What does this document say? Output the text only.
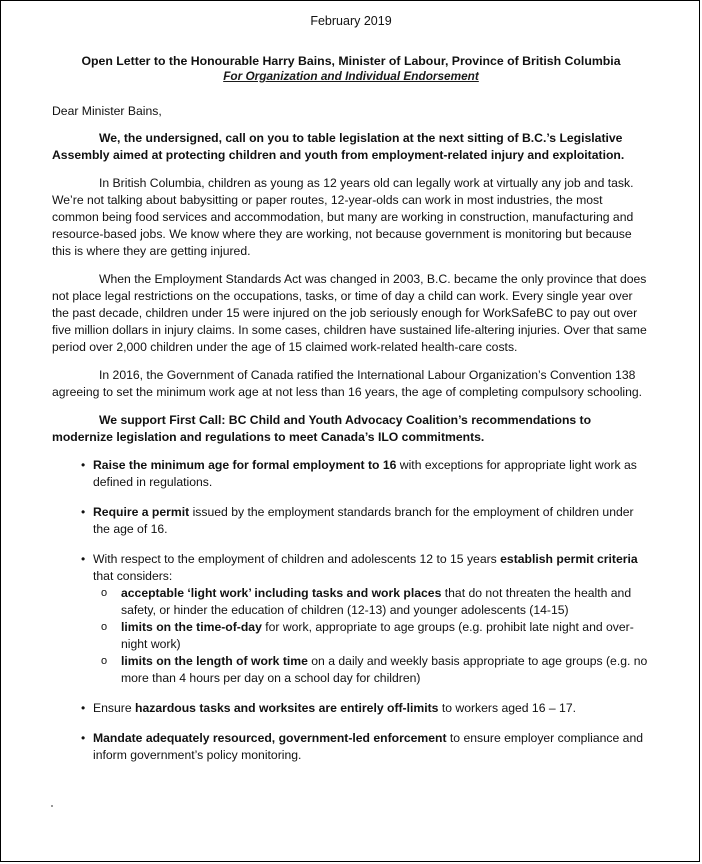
February 2019
Open Letter to the Honourable Harry Bains, Minister of Labour, Province of British Columbia
For Organization and Individual Endorsement
Dear Minister Bains,

We, the undersigned, call on you to table legislation at the next sitting of B.C.’s Legislative Assembly aimed at protecting children and youth from employment-related injury and exploitation.

In British Columbia, children as young as 12 years old can legally work at virtually any job and task. We’re not talking about babysitting or paper routes, 12-year-olds can work in most industries, the most common being food services and accommodation, but many are working in construction, manufacturing and resource-based jobs. We know where they are working, not because government is monitoring but because this is where they are getting injured.

When the Employment Standards Act was changed in 2003, B.C. became the only province that does not place legal restrictions on the occupations, tasks, or time of day a child can work. Every single year over the past decade, children under 15 were injured on the job seriously enough for WorkSafeBC to pay out over five million dollars in injury claims. In some cases, children have sustained life-altering injuries. Over that same period over 2,000 children under the age of 15 claimed work-related health-care costs.

In 2016, the Government of Canada ratified the International Labour Organization’s Convention 138 agreeing to set the minimum work age at not less than 16 years, the age of completing compulsory schooling.

We support First Call: BC Child and Youth Advocacy Coalition’s recommendations to modernize legislation and regulations to meet Canada’s ILO commitments.

• Raise the minimum age for formal employment to 16 with exceptions for appropriate light work as defined in regulations.
• Require a permit issued by the employment standards branch for the employment of children under the age of 16.
• With respect to the employment of children and adolescents 12 to 15 years establish permit criteria that considers:
o acceptable ‘light work’ including tasks and work places that do not threaten the health and safety, or hinder the education of children (12-13) and younger adolescents (14-15)
o limits on the time-of-day for work, appropriate to age groups (e.g. prohibit late night and over-night work)
o limits on the length of work time on a daily and weekly basis appropriate to age groups (e.g. no more than 4 hours per day on a school day for children)
• Ensure hazardous tasks and worksites are entirely off-limits to workers aged 16 – 17.
• Mandate adequately resourced, government-led enforcement to ensure employer compliance and inform government’s policy monitoring.
